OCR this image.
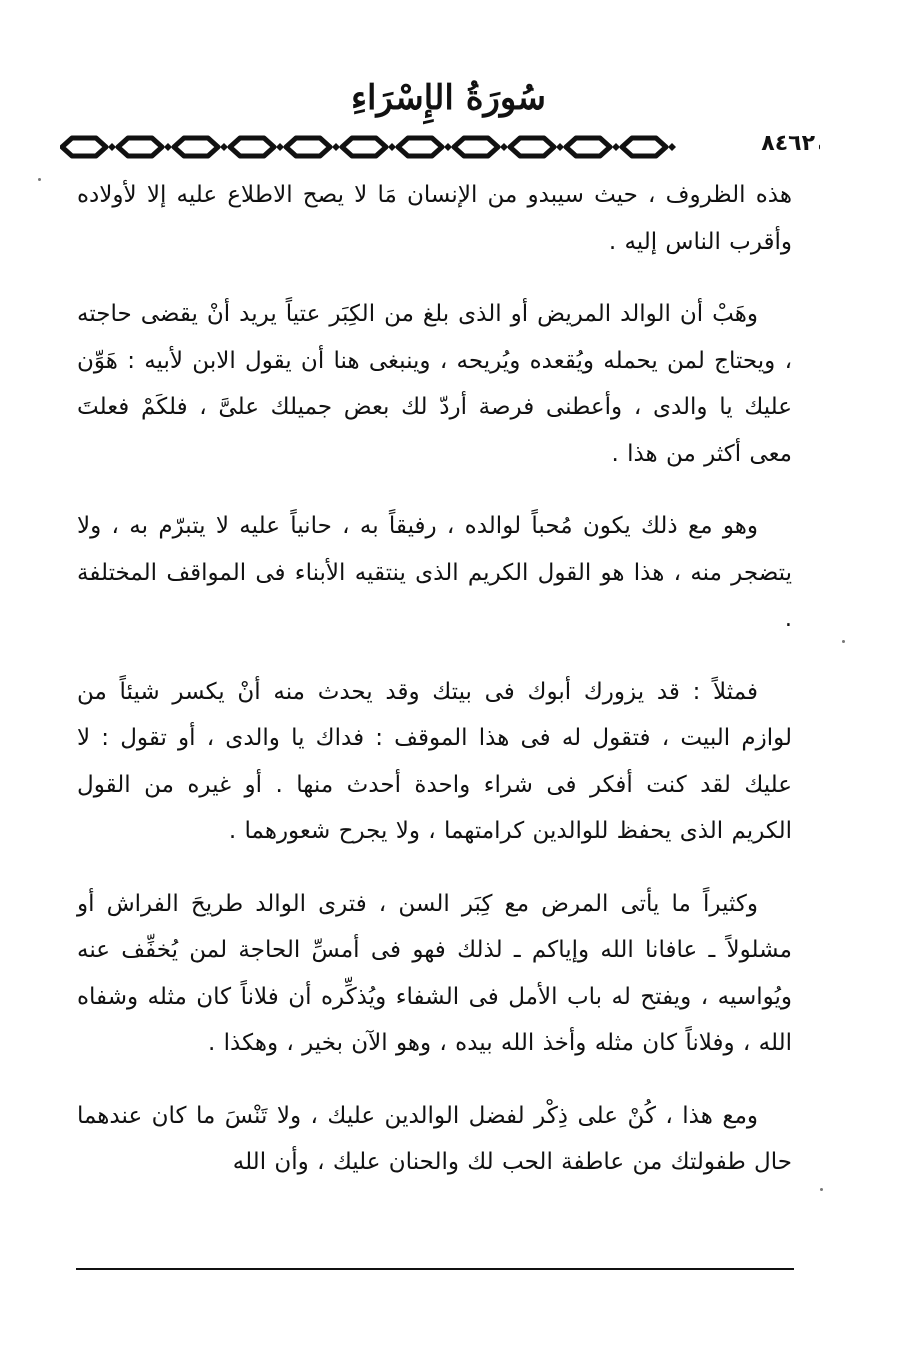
سُورَةُ الإِسْرَاءِ
٨٤٦٢

هذه الظروف ، حيث سيبدو من الإنسان مَا لا يصح الاطلاع عليه إلا لأولاده وأقرب الناس إليه .

وهَبْ أن الوالد المريض أو الذى بلغ من الكِبَر عتياً يريد أنْ يقضى حاجته ، ويحتاج لمن يحمله ويُقعده ويُريحه ، وينبغى هنا أن يقول الابن لأبيه : هَوِّن عليك يا والدى ، وأعطنى فرصة أردّ لك بعض جميلك علىَّ ، فلكَمْ فعلتَ معى أكثر من هذا .

وهو مع ذلك يكون مُحباً لوالده ، رفيقاً به ، حانياً عليه لا يتبرّم به ، ولا يتضجر منه ، هذا هو القول الكريم الذى ينتقيه الأبناء فى المواقف المختلفة .

فمثلاً : قد يزورك أبوك فى بيتك وقد يحدث منه أنْ يكسر شيئاً من لوازم البيت ، فتقول له فى هذا الموقف : فداك يا والدى ، أو تقول : لا عليك لقد كنت أفكر فى شراء واحدة أحدث منها . أو غيره من القول الكريم الذى يحفظ للوالدين كرامتهما ، ولا يجرح شعورهما .

وكثيراً ما يأتى المرض مع كِبَر السن ، فترى الوالد طريحَ الفراش أو مشلولاً ـ عافانا الله وإياكم ـ لذلك فهو فى أمسِّ الحاجة لمن يُخفِّف عنه ويُواسيه ، ويفتح له باب الأمل فى الشفاء ويُذكِّره أن فلاناً كان مثله وشفاه الله ، وفلاناً كان مثله وأخذ الله بيده ، وهو الآن بخير ، وهكذا .

ومع هذا ، كُنْ على ذِكْر لفضل الوالدين عليك ، ولا تَنْسَ ما كان عندهما حال طفولتك من عاطفة الحب لك والحنان عليك ، وأن الله
